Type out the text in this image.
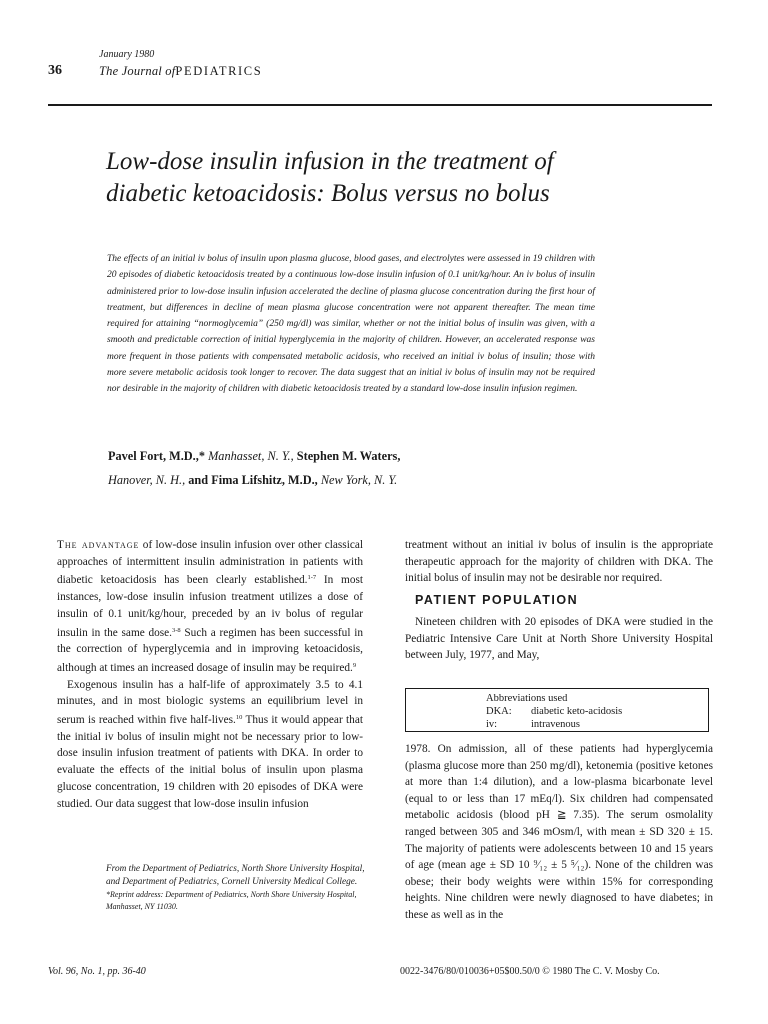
January 1980
36	The Journal ofPEDIATRICS
Low-dose insulin infusion in the treatment of
diabetic ketoacidosis: Bolus versus no bolus
The effects of an initial iv bolus of insulin upon plasma glucose, blood gases, and electrolytes were assessed in 19 children with 20 episodes of diabetic ketoacidosis treated by a continuous low-dose insulin infusion of 0.1 unit/kg/hour. An iv bolus of insulin administered prior to low-dose insulin infusion accelerated the decline of plasma glucose concentration during the first hour of treatment, but differences in decline of mean plasma glucose concentration were not apparent thereafter. The mean time required for attaining “normoglycemia” (250 mg/dl) was similar, whether or not the initial bolus of insulin was given, with a smooth and predictable correction of initial hyperglycemia in the majority of children. However, an accelerated response was more frequent in those patients with compensated metabolic acidosis, who received an initial iv bolus of insulin; those with more severe metabolic acidosis took longer to recover. The data suggest that an initial iv bolus of insulin may not be required nor desirable in the majority of children with diabetic ketoacidosis treated by a standard low-dose insulin infusion regimen.
Pavel Fort, M.D.,* Manhasset, N. Y., Stephen M. Waters,
Hanover, N. H., and Fima Lifshitz, M.D., New York, N. Y.

The advantage of low-dose insulin infusion over other classical approaches of intermittent insulin administration in patients with diabetic ketoacidosis has been clearly established.$^{1-7}$ In most instances, low-dose insulin infusion treatment utilizes a dose of insulin of 0.1 unit/kg/hour, preceded by an iv bolus of regular insulin in the same dose.$^{3-8}$ Such a regimen has been successful in the correction of hyperglycemia and in improving ketoacidosis, although at times an increased dosage of insulin may be required.$^9$

Exogenous insulin has a half-life of approximately 3.5 to 4.1 minutes, and in most biologic systems an equilibrium level in serum is reached within five half-lives.$^{10}$ Thus it would appear that the initial iv bolus of insulin might not be necessary prior to low-dose insulin infusion treatment of patients with DKA. In order to evaluate the effects of the initial bolus of insulin upon plasma glucose concentration, 19 children with 20 episodes of DKA were studied. Our data suggest that low-dose insulin infusion

From the Department of Pediatrics, North Shore University Hospital, and Department of Pediatrics, Cornell University Medical College.

*Reprint address: Department of Pediatrics, North Shore University Hospital, Manhasset, NY 11030.

treatment without an initial iv bolus of insulin is the appropriate therapeutic approach for the majority of children with DKA. The initial bolus of insulin may not be desirable nor required.

PATIENT POPULATION

Nineteen children with 20 episodes of DKA were studied in the Pediatric Intensive Care Unit at North Shore University Hospital between July, 1977, and May,

Abbreviations used
DKA:	diabetic keto-acidosis
iv:	intravenous

1978. On admission, all of these patients had hyperglycemia (plasma glucose more than 250 mg/dl), ketonemia (positive ketones at more than 1:4 dilution), and a low-plasma bicarbonate level (equal to or less than 17 mEq/l). Six children had compensated metabolic acidosis (blood pH ≧ 7.35). The serum osmolality ranged between 305 and 346 mOsm/l, with mean ± SD 320 ± 15. The majority of patients were adolescents between 10 and 15 years of age (mean age ± SD 10 ⁹⁄₁₂ ± 5 ⁵⁄₁₂). None of the children was obese; their body weights were within 15% for corresponding heights. Nine children were newly diagnosed to have diabetes; in these as well as in the

Vol. 96, No. 1, pp. 36-40	0022-3476/80/010036+05$00.50/0 © 1980 The C. V. Mosby Co.
